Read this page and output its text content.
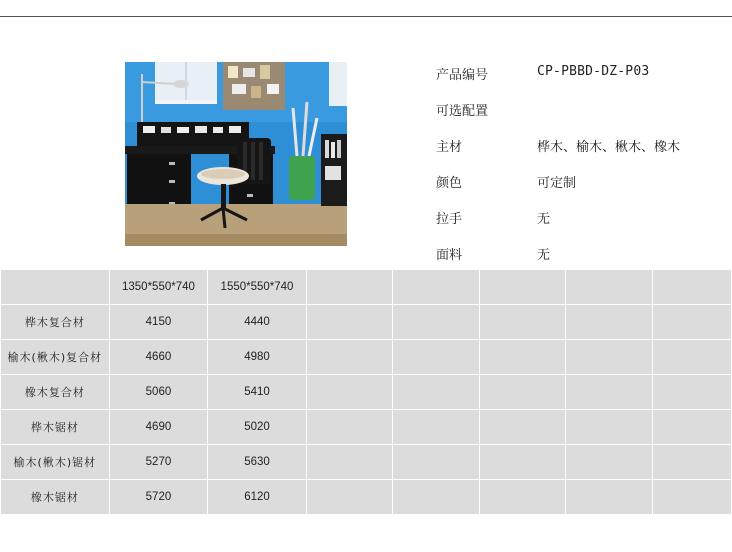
产品编号	CP-PBBD-DZ-P03
可选配置
主材	桦木、榆木、楸木、橡木
颜色	可定制
拉手	无
面料	无
	1350*550*740	1550*550*740					
桦木复合材	4150	4440					
榆木(楸木)复合材	4660	4980					
橡木复合材	5060	5410					
桦木锯材	4690	5020					
榆木(楸木)锯材	5270	5630					
橡木锯材	5720	6120					
